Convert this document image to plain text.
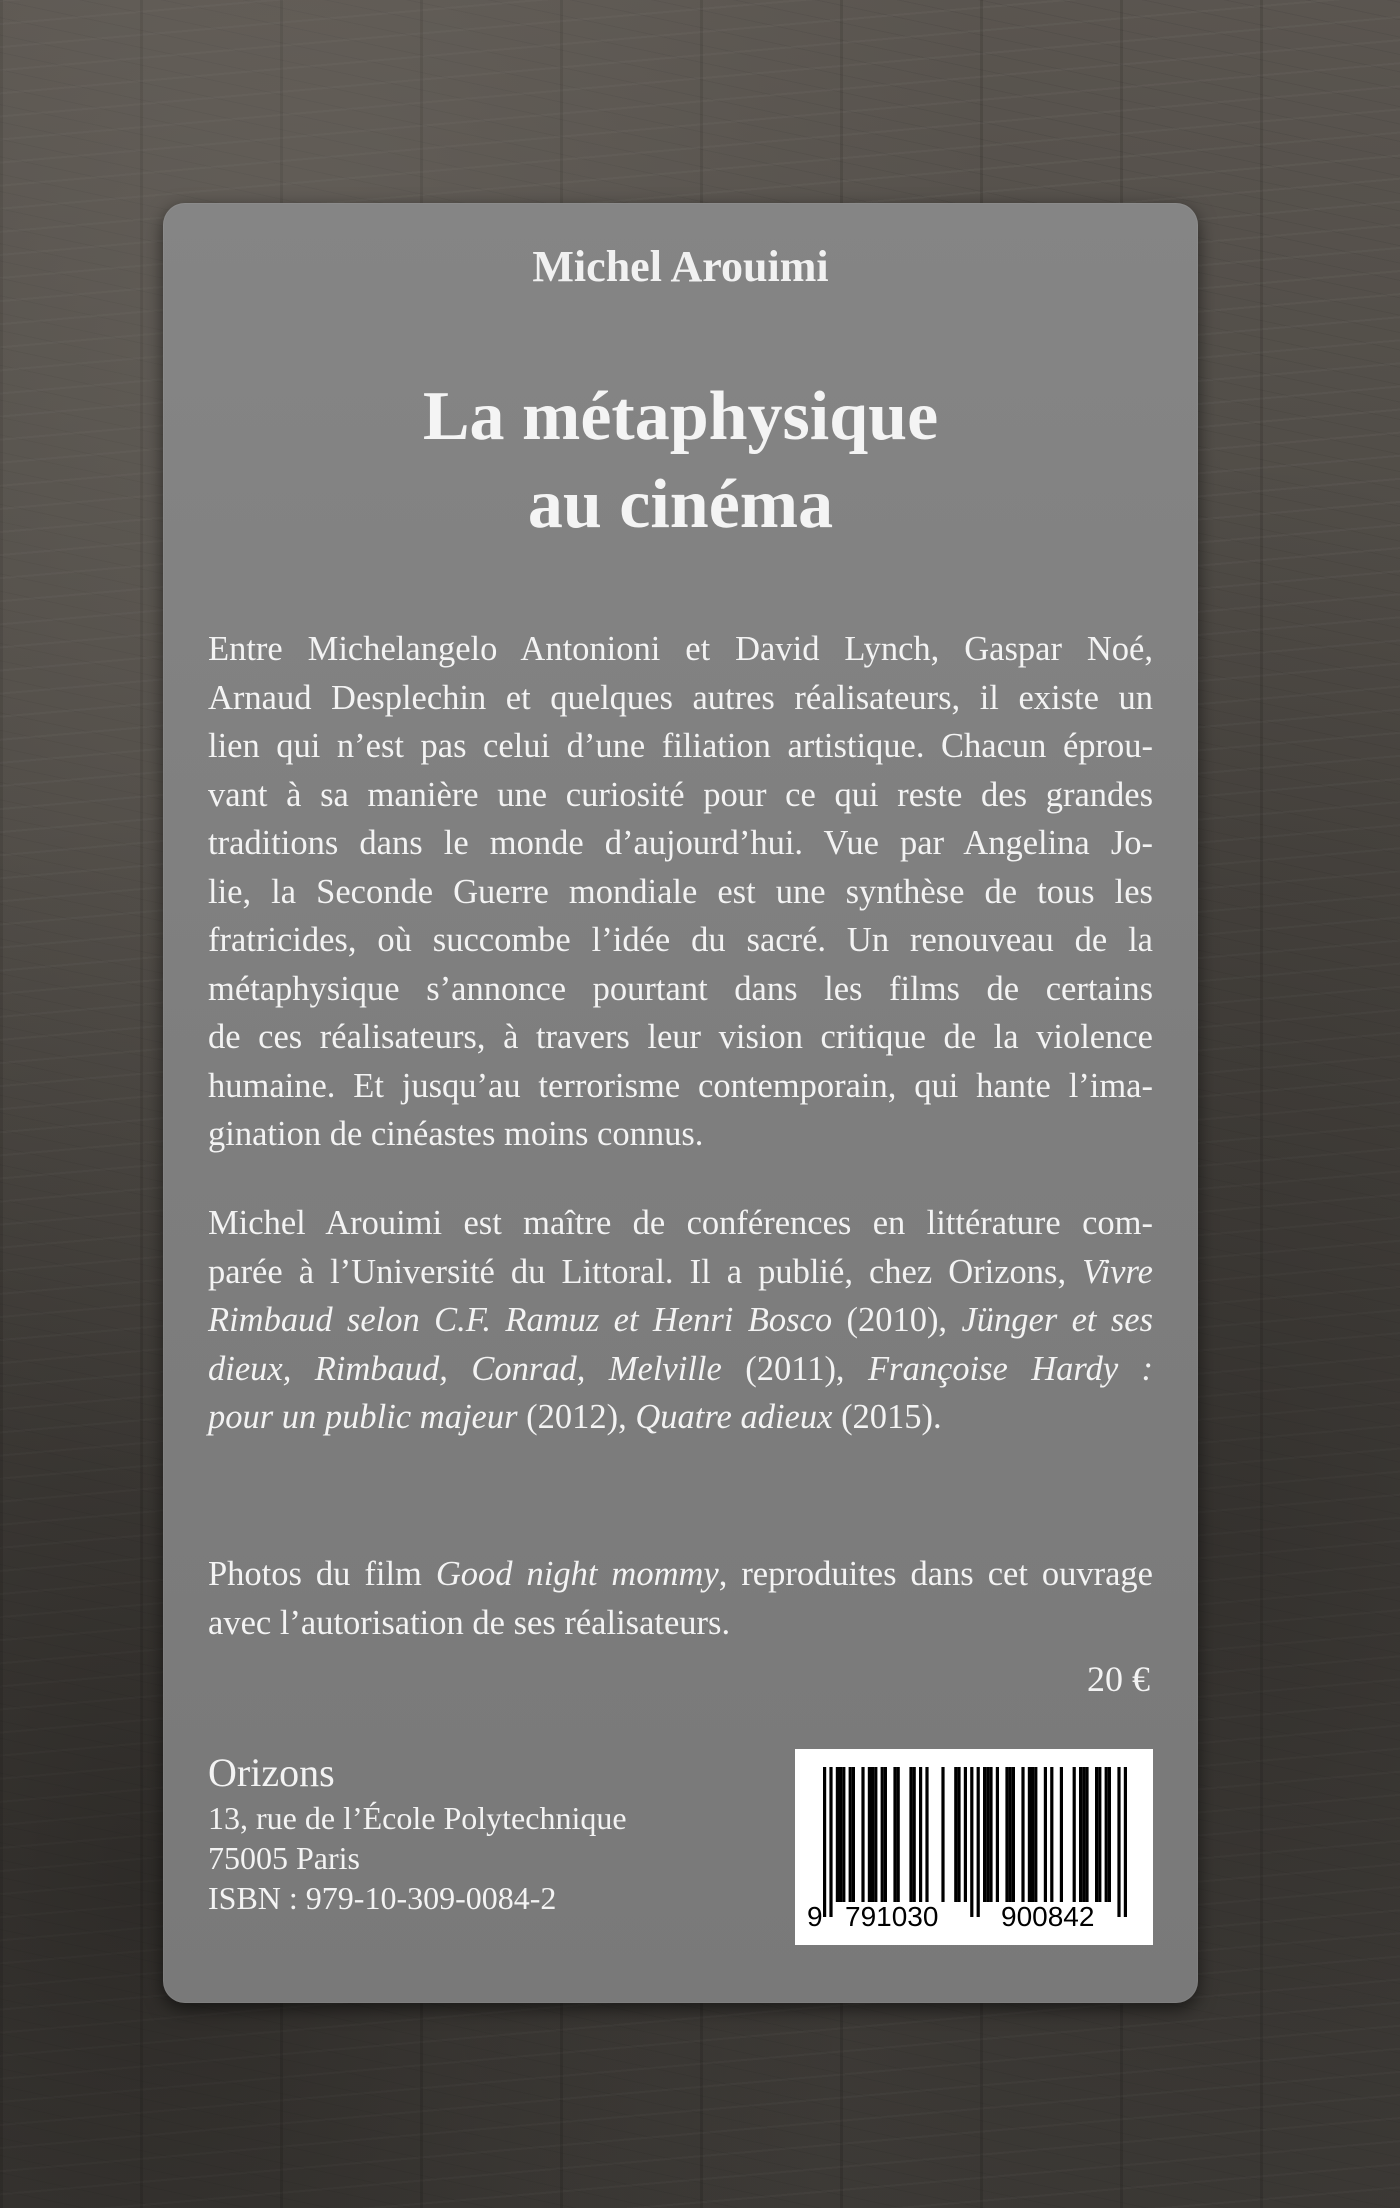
Michel Arouimi
La métaphysique
au cinéma

Entre Michelangelo Antonioni et David Lynch, Gaspar Noé,
Arnaud Desplechin et quelques autres réalisateurs, il existe un
lien qui n’est pas celui d’une filiation artistique. Chacun éprou-
vant à sa manière une curiosité pour ce qui reste des grandes
traditions dans le monde d’aujourd’hui. Vue par Angelina Jo-
lie, la Seconde Guerre mondiale est une synthèse de tous les
fratricides, où succombe l’idée du sacré. Un renouveau de la
métaphysique s’annonce pourtant dans les films de certains
de ces réalisateurs, à travers leur vision critique de la violence
humaine. Et jusqu’au terrorisme contemporain, qui hante l’ima-
gination de cinéastes moins connus.

Michel Arouimi est maître de conférences en littérature com-
parée à l’Université du Littoral. Il a publié, chez Orizons, Vivre
Rimbaud selon C.F. Ramuz et Henri Bosco (2010), Jünger et ses
dieux, Rimbaud, Conrad, Melville (2011), Françoise Hardy :
pour un public majeur (2012), Quatre adieux (2015).

Photos du film Good night mommy, reproduites dans cet ouvrage
avec l’autorisation de ses réalisateurs.

20 €

Orizons
13, rue de l’École Polytechnique
75005 Paris
ISBN : 979-10-309-0084-2

9 791030 900842
